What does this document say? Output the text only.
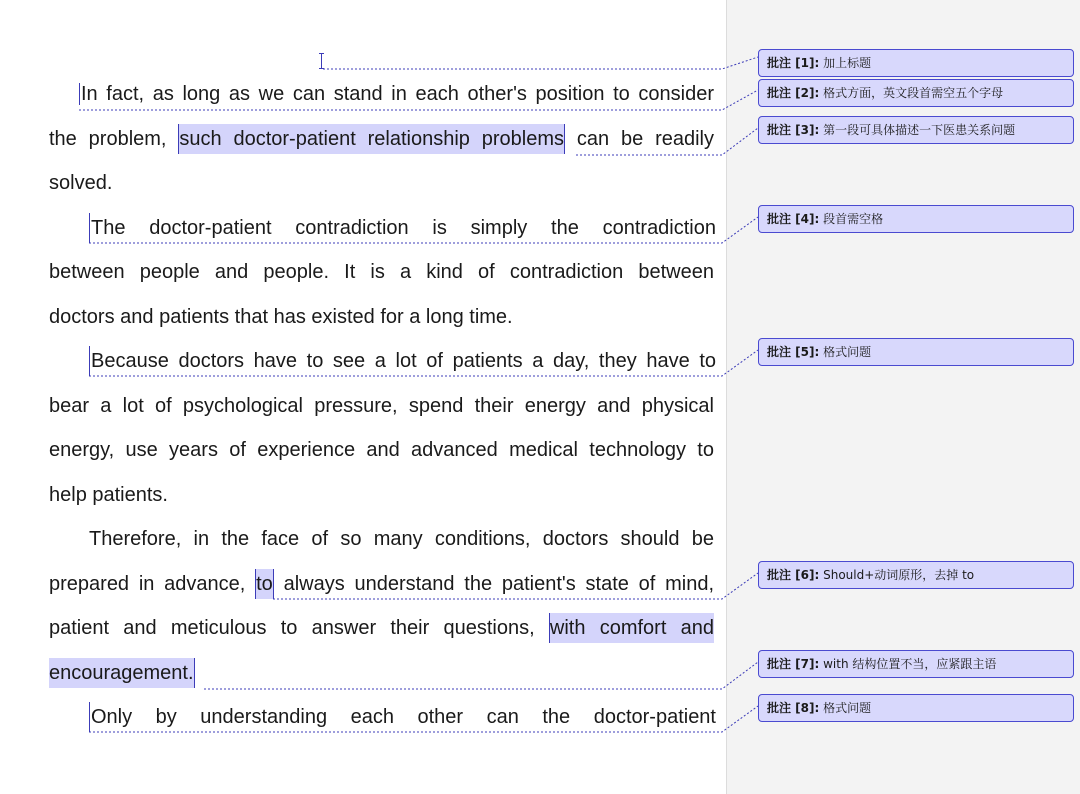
In fact, as long as we can stand in each other's position to consider
the problem, such doctor-patient relationship problems can be readily
solved.
The doctor-patient contradiction is simply the contradiction
between people and people. It is a kind of contradiction between
doctors and patients that has existed for a long time.
Because doctors have to see a lot of patients a day, they have to
bear a lot of psychological pressure, spend their energy and physical
energy, use years of experience and advanced medical technology to
help patients.
Therefore, in the face of so many conditions, doctors should be
prepared in advance, to always understand the patient's state of mind,
patient and meticulous to answer their questions, with comfort and
encouragement.
Only by understanding each other can the doctor-patient
批注 [1]: 加上标题
批注 [2]: 格式方面，英文段首需空五个字母
批注 [3]: 第一段可具体描述一下医患关系问题
批注 [4]: 段首需空格
批注 [5]: 格式问题
批注 [6]: Should+动词原形，去掉 to
批注 [7]: with 结构位置不当，应紧跟主语
批注 [8]: 格式问题
